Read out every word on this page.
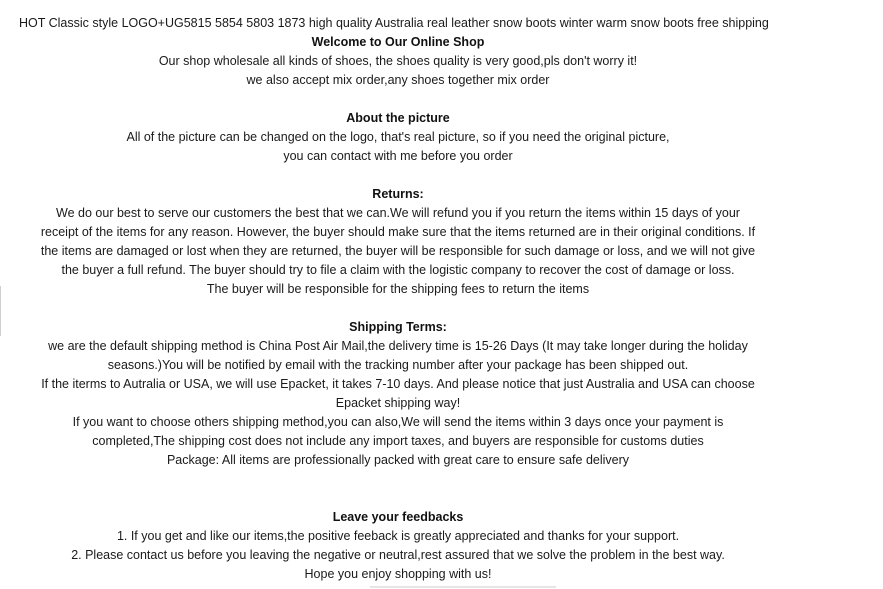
HOT Classic style LOGO+UG5815 5854 5803 1873 high quality Australia real leather snow boots winter warm snow boots free shipping
Welcome to Our Online Shop
Our shop wholesale all kinds of shoes, the shoes quality is very good,pls don't worry it!
we also accept mix order,any shoes together mix order
About the picture
All of the picture can be changed on the logo, that's real picture, so if you need the original picture,
you can contact with me before you order
Returns:
We do our best to serve our customers the best that we can.We will refund you if you return the items within 15 days of your
receipt of the items for any reason. However, the buyer should make sure that the items returned are in their original conditions. If
the items are damaged or lost when they are returned, the buyer will be responsible for such damage or loss, and we will not give
the buyer a full refund. The buyer should try to file a claim with the logistic company to recover the cost of damage or loss.
The buyer will be responsible for the shipping fees to return the items
Shipping Terms:
we are the default shipping method is China Post Air Mail,the delivery time is 15-26 Days (It may take longer during the holiday
seasons.)You will be notified by email with the tracking number after your package has been shipped out.
If the iterms to Autralia or USA, we will use Epacket, it takes 7-10 days. And please notice that just Australia and USA can choose
Epacket shipping way!
If you want to choose others shipping method,you can also,We will send the items within 3 days once your payment is
completed,The shipping cost does not include any import taxes, and buyers are responsible for customs duties
Package: All items are professionally packed with great care to ensure safe delivery
Leave your feedbacks
1. If you get and like our items,the positive feeback is greatly appreciated and thanks for your support.
2. Please contact us before you leaving the negative or neutral,rest assured that we solve the problem in the best way.
Hope you enjoy shopping with us!
